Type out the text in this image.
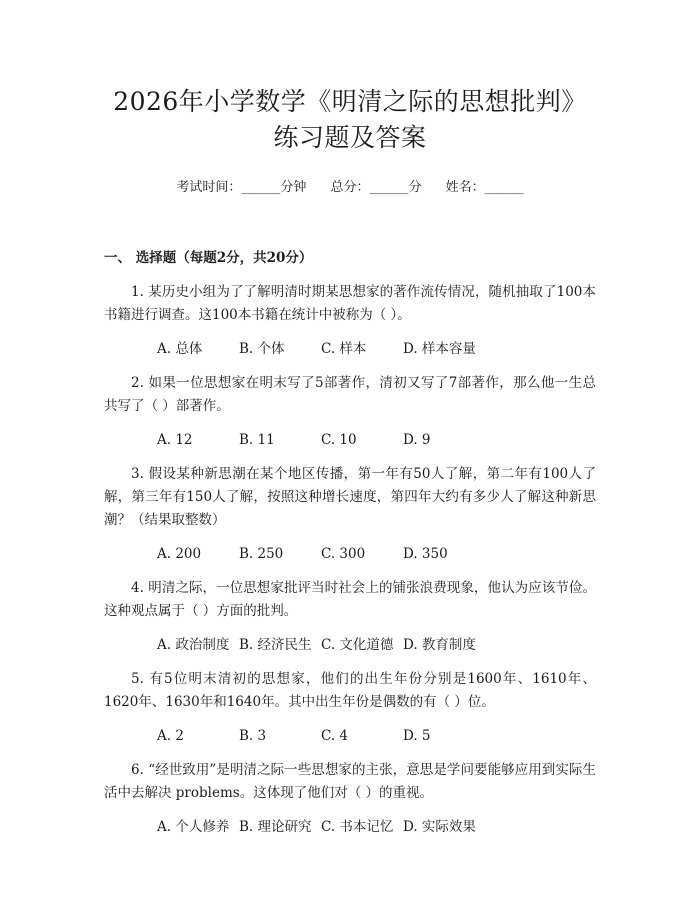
2026年小学数学《明清之际的思想批判》练习题及答案
考试时间：______分钟 总分：______分 姓名：______
一、 选择题（每题2分，共20分）
1. 某历史小组为了了解明清时期某思想家的著作流传情况，随机抽取了100本书籍进行调查。这100本书籍在统计中被称为（ ）。
A. 总体	B. 个体	C. 样本	D. 样本容量
2. 如果一位思想家在明末写了5部著作，清初又写了7部著作，那么他一生总共写了（ ）部著作。
A. 12	B. 11	C. 10	D. 9
3. 假设某种新思潮在某个地区传播，第一年有50人了解，第二年有100人了解，第三年有150人了解，按照这种增长速度，第四年大约有多少人了解这种新思潮？（结果取整数）
A. 200	B. 250	C. 300	D. 350
4. 明清之际，一位思想家批评当时社会上的铺张浪费现象，他认为应该节俭。这种观点属于（ ）方面的批判。
A. 政治制度 B. 经济民生 C. 文化道德 D. 教育制度
5. 有5位明末清初的思想家，他们的出生年份分别是1600年、1610年、1620年、1630年和1640年。其中出生年份是偶数的有（ ）位。
A. 2	B. 3	C. 4	D. 5
6. “经世致用”是明清之际一些思想家的主张，意思是学问要能够应用到实际生活中去解决 problems。这体现了他们对（ ）的重视。
A. 个人修养 B. 理论研究 C. 书本记忆 D. 实际效果
